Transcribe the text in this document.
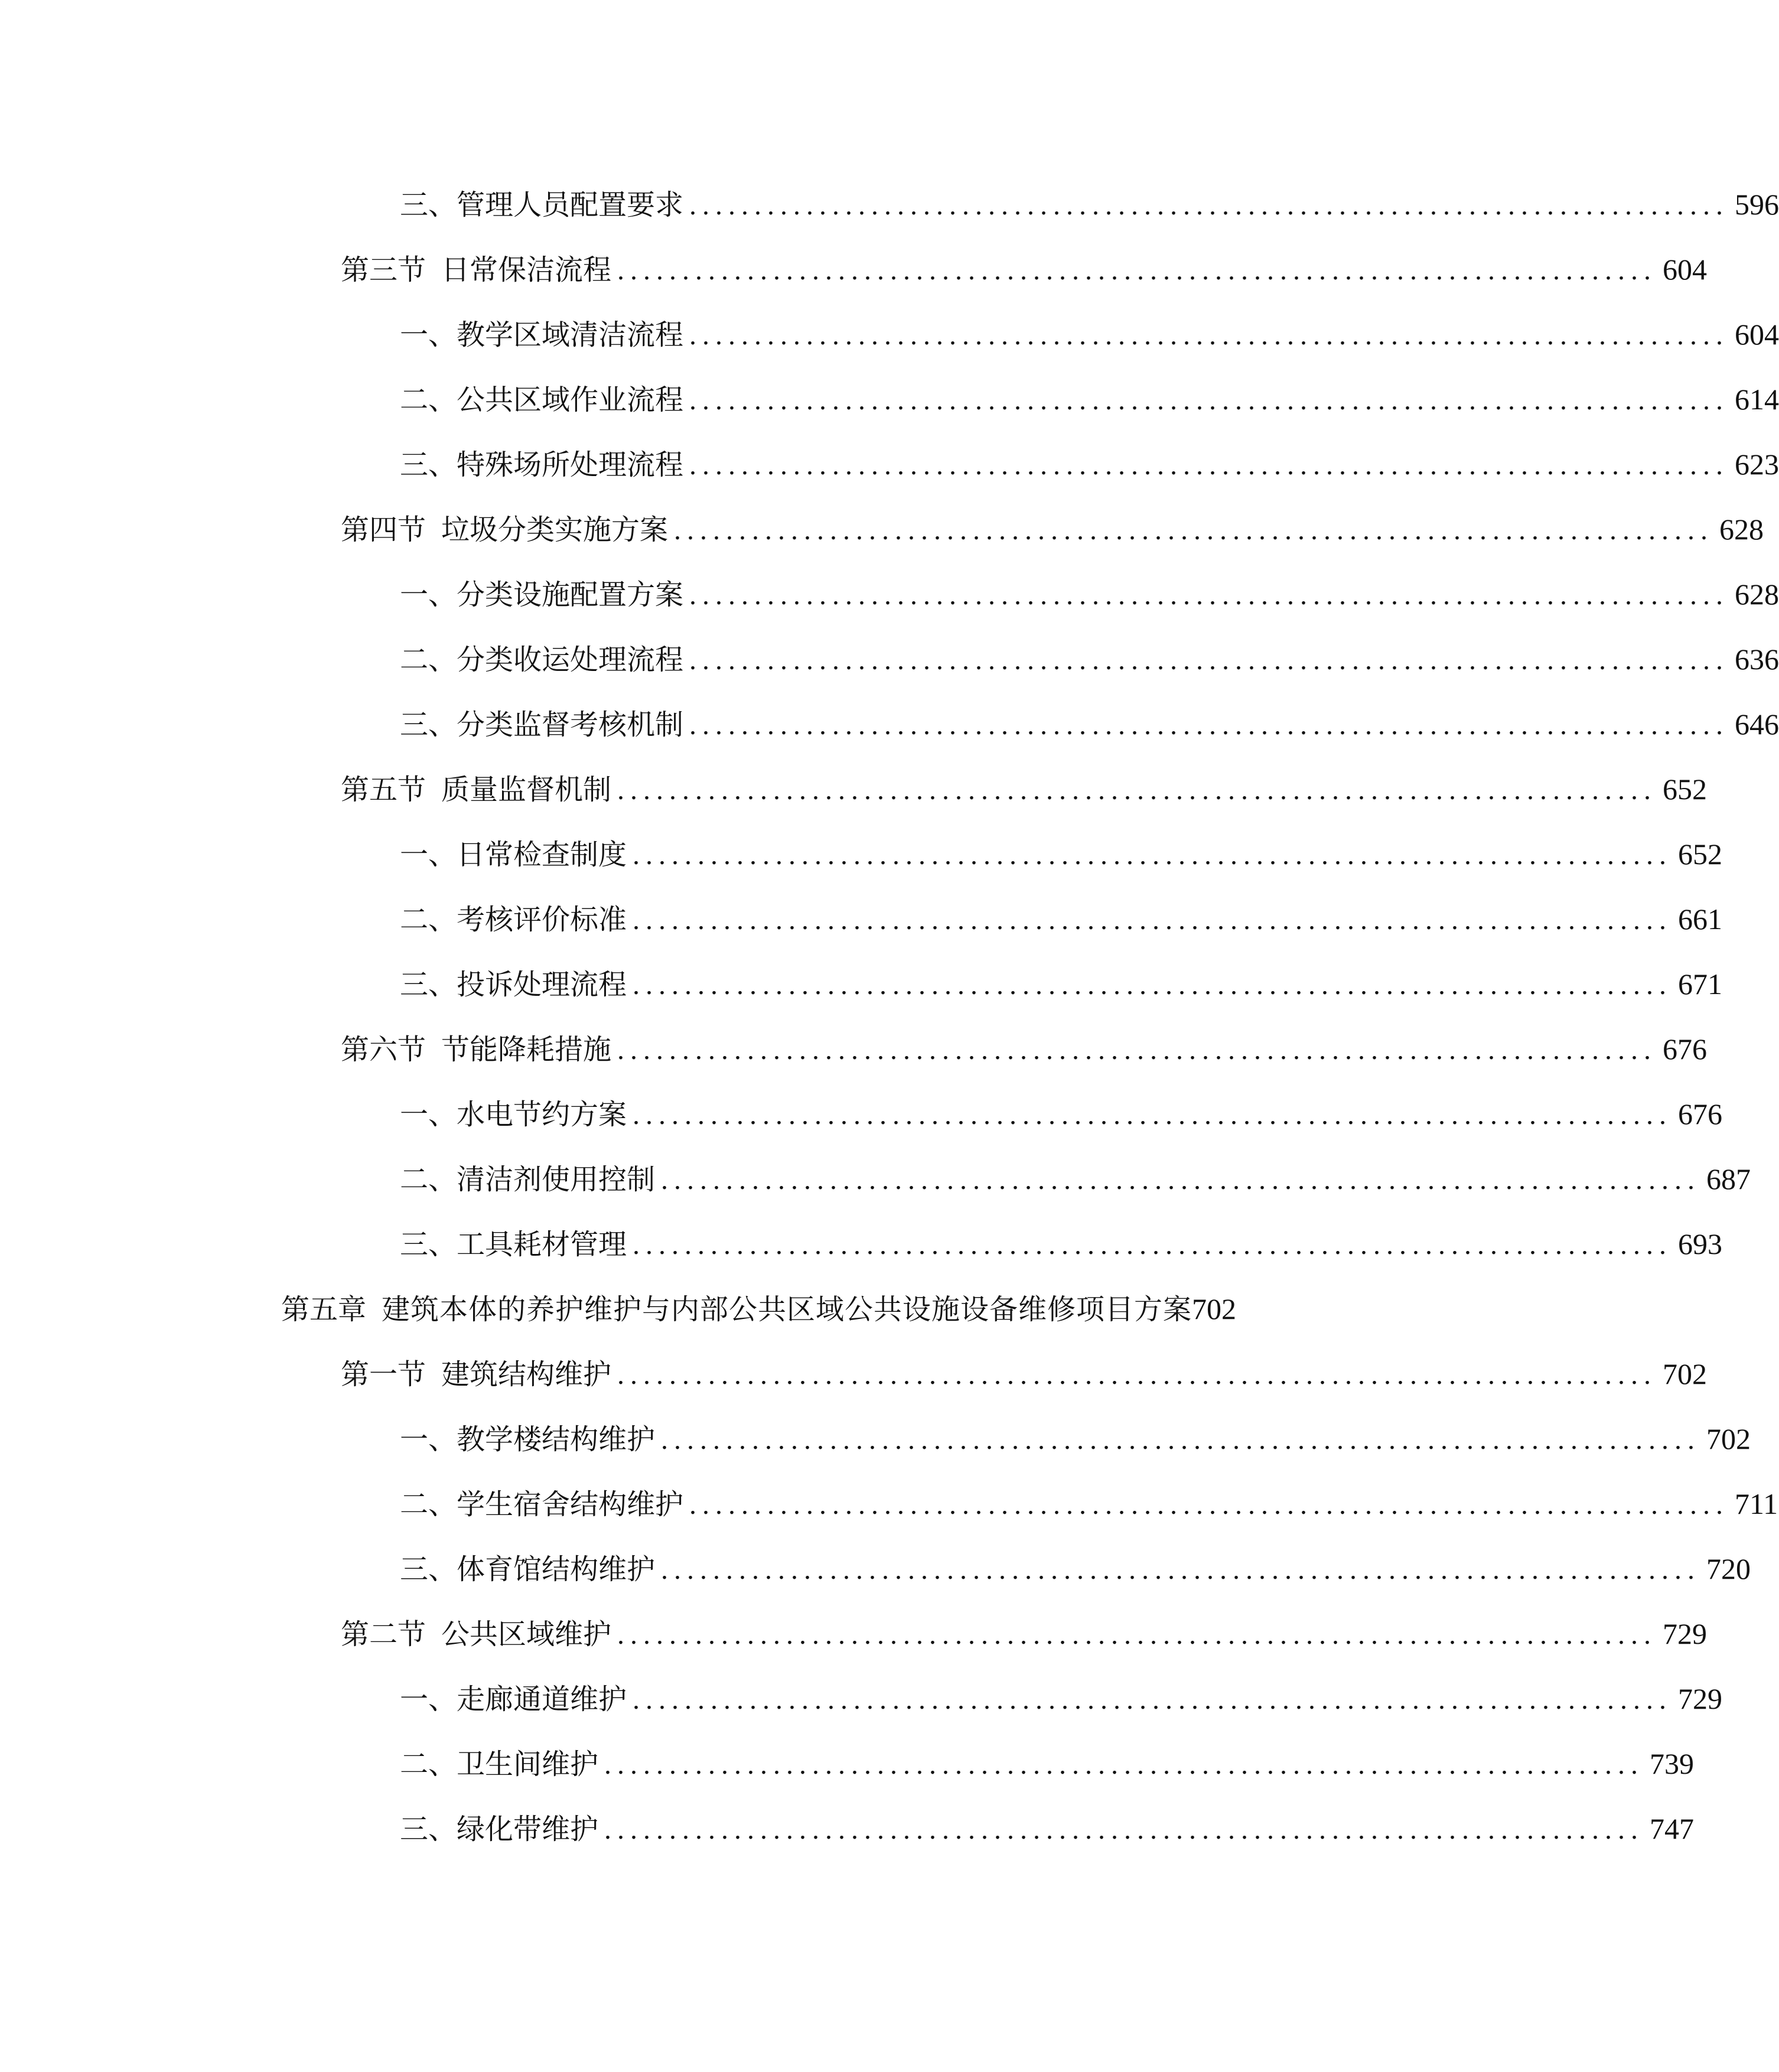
三、 管理人员配置要求 ................................................................................ 596
第三节 日常保洁流程 ................................................................................ 604
一、 教学区域清洁流程 ................................................................................ 604
二、 公共区域作业流程 ................................................................................ 614
三、 特殊场所处理流程 ................................................................................ 623
第四节 垃圾分类实施方案 ................................................................................ 628
一、 分类设施配置方案 ................................................................................ 628
二、 分类收运处理流程 ................................................................................ 636
三、 分类监督考核机制 ................................................................................ 646
第五节 质量监督机制 ................................................................................ 652
一、 日常检查制度 ................................................................................ 652
二、 考核评价标准 ................................................................................ 661
三、 投诉处理流程 ................................................................................ 671
第六节 节能降耗措施 ................................................................................ 676
一、 水电节约方案 ................................................................................ 676
二、 清洁剂使用控制 ................................................................................ 687
三、 工具耗材管理 ................................................................................ 693
第五章 建筑本体的养护维护与内部公共区域公共设施设备维修项目方案 702
第一节 建筑结构维护 ................................................................................ 702
一、 教学楼结构维护 ................................................................................ 702
二、 学生宿舍结构维护 ................................................................................ 711
三、 体育馆结构维护 ................................................................................ 720
第二节 公共区域维护 ................................................................................ 729
一、 走廊通道维护 ................................................................................ 729
二、 卫生间维护 ................................................................................ 739
三、 绿化带维护 ................................................................................ 747
